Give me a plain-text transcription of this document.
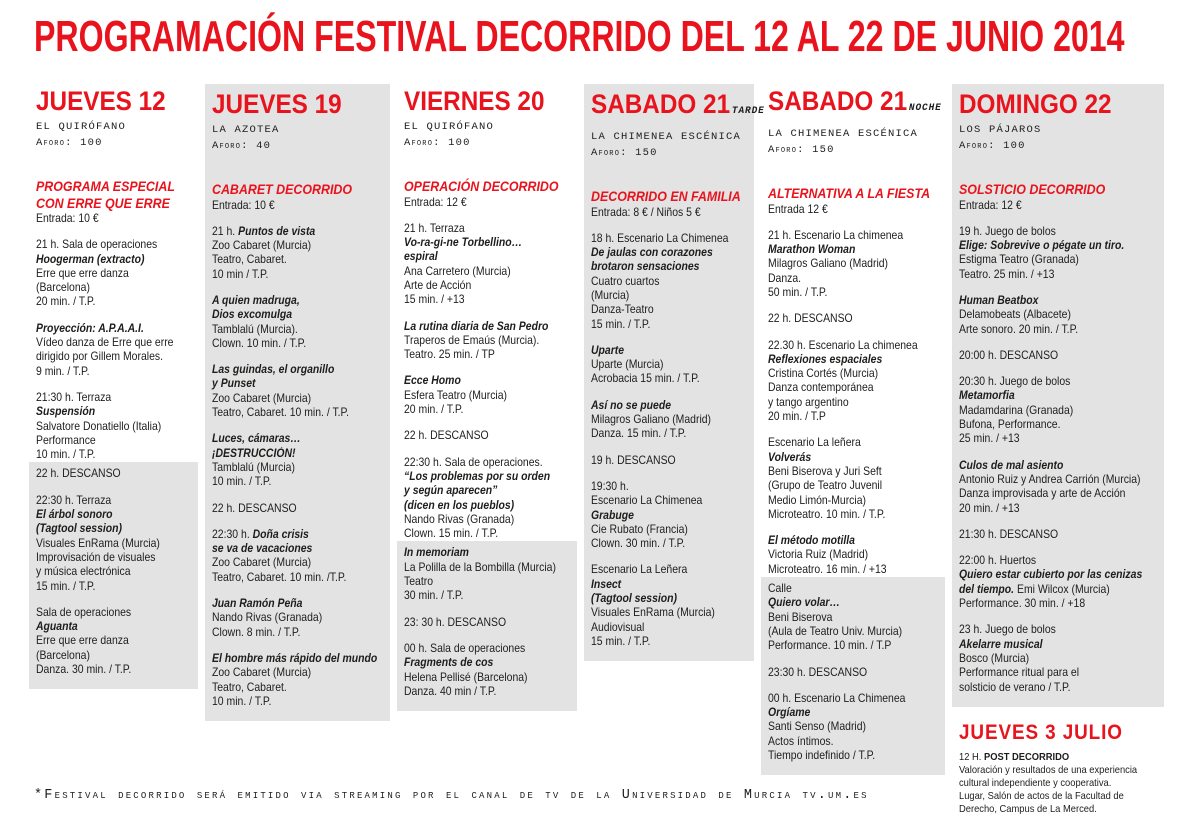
PROGRAMACIÓN FESTIVAL DECORRIDO DEL 12 AL 22 DE JUNIO 2014
JUEVES 12
EL QUIRÓFANO
Aforo: 100
PROGRAMA ESPECIAL
CON ERRE QUE ERRE
Entrada: 10 €
21 h. Sala de operaciones
Hoogerman (extracto)
Erre que erre danza
(Barcelona)
20 min. / T.P.
Proyección: A.P.A.A.I.
Vídeo danza de Erre que erre
dirigido por Gillem Morales.
9 min. / T.P.
21:30 h. Terraza
Suspensión
Salvatore Donatiello (Italia)
Performance
10 min. / T.P.
22 h. DESCANSO
22:30 h. Terraza
El árbol sonoro
(Tagtool session)
Visuales EnRama (Murcia)
Improvisación de visuales
y música electrónica
15 min. / T.P.
Sala de operaciones
Aguanta
Erre que erre danza
(Barcelona)
Danza. 30 min. / T.P.
JUEVES 19
LA AZOTEA
Aforo: 40
CABARET DECORRIDO
Entrada: 10 €
21 h. Puntos de vista
Zoo Cabaret (Murcia)
Teatro, Cabaret.
10 min / T.P.
A quien madruga,
Dios excomulga
Tamblalú (Murcia).
Clown. 10 min. / T.P.
Las guindas, el organillo
y Punset
Zoo Cabaret (Murcia)
Teatro, Cabaret. 10 min. / T.P.
Luces, cámaras…
¡DESTRUCCIÓN!
Tamblalú (Murcia)
10 min. / T.P.
22 h. DESCANSO
22:30 h. Doña crisis
se va de vacaciones
Zoo Cabaret (Murcia)
Teatro, Cabaret. 10 min. /T.P.
Juan Ramón Peña
Nando Rivas (Granada)
Clown. 8 min. / T.P.
El hombre más rápido del mundo
Zoo Cabaret (Murcia)
Teatro, Cabaret.
10 min. / T.P.
VIERNES 20
EL QUIRÓFANO
Aforo: 100
OPERACIÓN DECORRIDO
Entrada: 12 €
21 h. Terraza
Vo-ra-gi-ne Torbellino…
espiral
Ana Carretero (Murcia)
Arte de Acción
15 min. / +13
La rutina diaria de San Pedro
Traperos de Emaús (Murcia).
Teatro. 25 min. / TP
Ecce Homo
Esfera Teatro (Murcia)
20 min. / T.P.
22 h. DESCANSO
22:30 h. Sala de operaciones.
“Los problemas por su orden
y según aparecen”
(dicen en los pueblos)
Nando Rivas (Granada)
Clown. 15 min. / T.P.
In memoriam
La Polilla de la Bombilla (Murcia)
Teatro
30 min. / T.P.
23: 30 h. DESCANSO
00 h. Sala de operaciones
Fragments de cos
Helena Pellisé (Barcelona)
Danza. 40 min / T.P.
SABADO 21 TARDE
LA CHIMENEA ESCÉNICA
Aforo: 150
DECORRIDO EN FAMILIA
Entrada: 8 € / Niños 5 €
18 h. Escenario La Chimenea
De jaulas con corazones
brotaron sensaciones
Cuatro cuartos
(Murcia)
Danza-Teatro
15 min. / T.P.
Uparte
Uparte (Murcia)
Acrobacia 15 min. / T.P.
Así no se puede
Milagros Galiano (Madrid)
Danza. 15 min. / T.P.
19 h. DESCANSO
19:30 h.
Escenario La Chimenea
Grabuge
Cie Rubato (Francia)
Clown. 30 min. / T.P.
Escenario La Leñera
Insect
(Tagtool session)
Visuales EnRama (Murcia)
Audiovisual
15 min. / T.P.
SABADO 21 NOCHE
LA CHIMENEA ESCÉNICA
Aforo: 150
ALTERNATIVA A LA FIESTA
Entrada 12 €
21 h. Escenario La chimenea
Marathon Woman
Milagros Galiano (Madrid)
Danza.
50 min. / T.P.
22 h. DESCANSO
22.30 h. Escenario La chimenea
Reflexiones espaciales
Cristina Cortés (Murcia)
Danza contemporánea
y tango argentino
20 min. / T.P
Escenario La leñera
Volverás
Beni Biserova y Juri Seft
(Grupo de Teatro Juvenil
Medio Limón-Murcia)
Microteatro. 10 min. / T.P.
El método motilla
Victoria Ruiz (Madrid)
Microteatro. 16 min. / +13
Calle
Quiero volar…
Beni Biserova
(Aula de Teatro Univ. Murcia)
Performance. 10 min. / T.P
23:30 h. DESCANSO
00 h. Escenario La Chimenea
Orgíame
Santi Senso (Madrid)
Actos íntimos.
Tiempo indefinido / T.P.
DOMINGO 22
LOS PÁJAROS
Aforo: 100
SOLSTICIO DECORRIDO
Entrada: 12 €
19 h. Juego de bolos
Elige: Sobrevive o pégate un tiro.
Estigma Teatro (Granada)
Teatro. 25 min. / +13
Human Beatbox
Delamobeats (Albacete)
Arte sonoro. 20 min. / T.P.
20:00 h. DESCANSO
20:30 h. Juego de bolos
Metamorfia
Madamdarina (Granada)
Bufona, Performance.
25 min. / +13
Culos de mal asiento
Antonio Ruiz y Andrea Carrión (Murcia)
Danza improvisada y arte de Acción
20 min. / +13
21:30 h. DESCANSO
22:00 h. Huertos
Quiero estar cubierto por las cenizas
del tiempo. Emi Wilcox (Murcia)
Performance. 30 min. / +18
23 h. Juego de bolos
Akelarre musical
Bosco (Murcia)
Performance ritual para el
solsticio de verano / T.P.
JUEVES 3 JULIO
12 H. POST DECORRIDO
Valoración y resultados de una experiencia
cultural independiente y cooperativa.
Lugar, Salón de actos de la Facultad de
Derecho, Campus de La Merced.
*Festival decorrido será emitido via streaming por el canal de tv de la Universidad de Murcia tv.um.es
